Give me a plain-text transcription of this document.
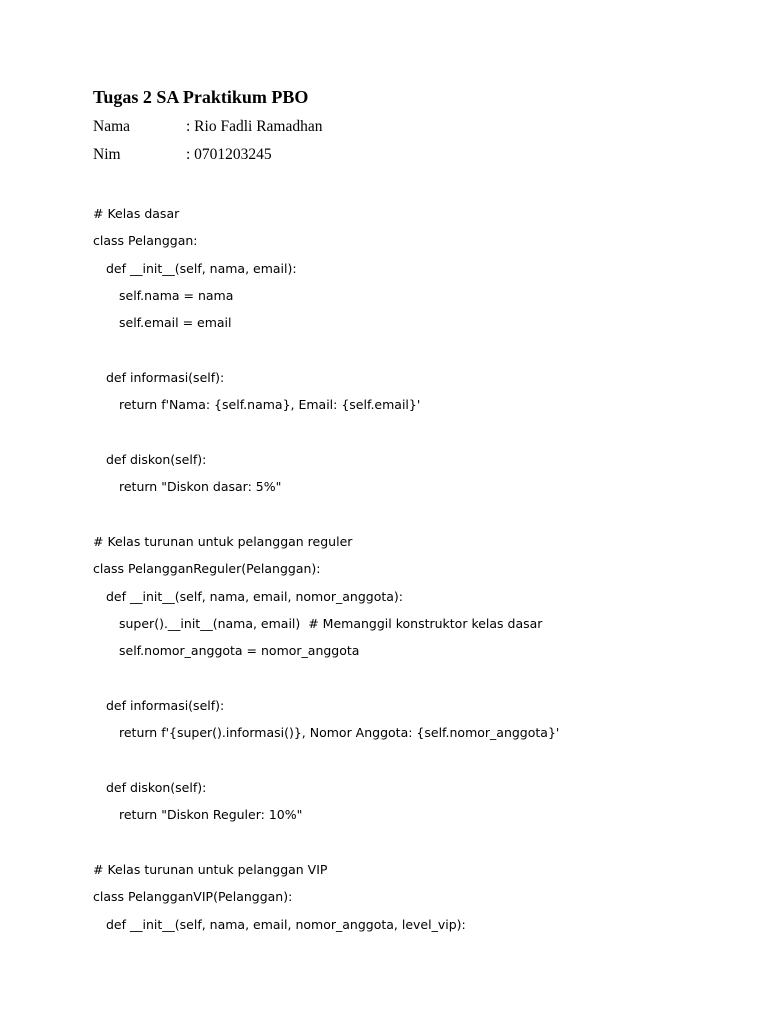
Tugas 2 SA Praktikum PBO
Nama	: Rio Fadli Ramadhan
Nim	: 0701203245
# Kelas dasar
class Pelanggan:
def __init__(self, nama, email):
self.nama = nama
self.email = email
def informasi(self):
return f'Nama: {self.nama}, Email: {self.email}'
def diskon(self):
return "Diskon dasar: 5%"
# Kelas turunan untuk pelanggan reguler
class PelangganReguler(Pelanggan):
def __init__(self, nama, email, nomor_anggota):
super().__init__(nama, email)  # Memanggil konstruktor kelas dasar
self.nomor_anggota = nomor_anggota
def informasi(self):
return f'{super().informasi()}, Nomor Anggota: {self.nomor_anggota}'
def diskon(self):
return "Diskon Reguler: 10%"
# Kelas turunan untuk pelanggan VIP
class PelangganVIP(Pelanggan):
def __init__(self, nama, email, nomor_anggota, level_vip):
